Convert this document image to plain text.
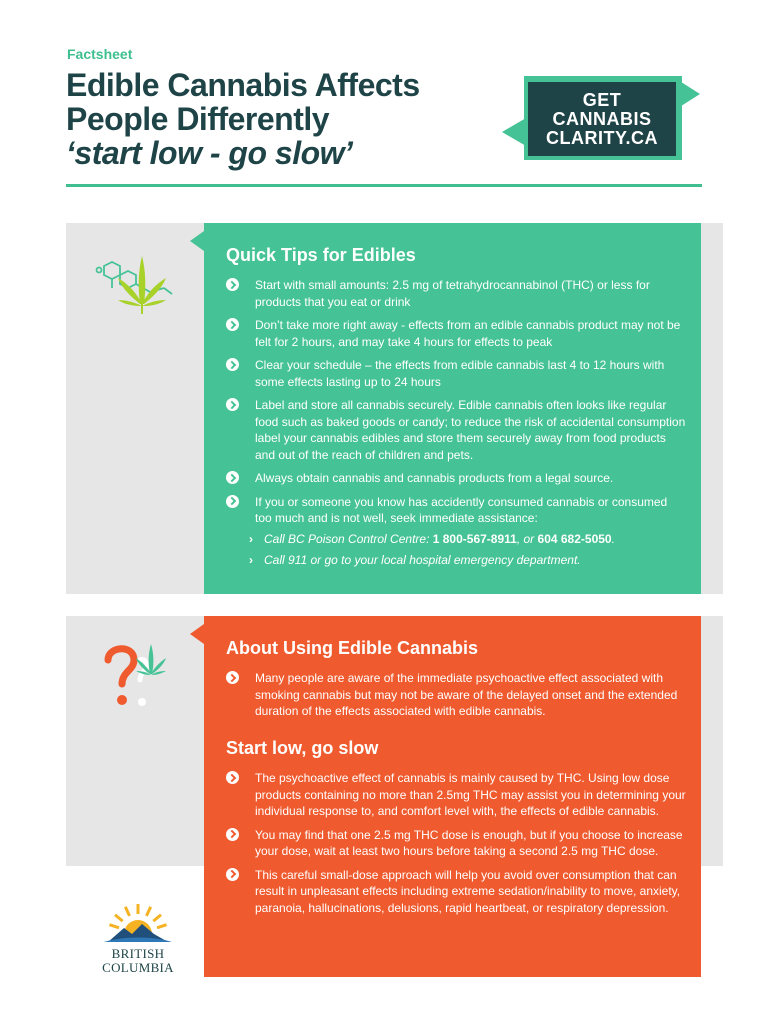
Factsheet
Edible Cannabis Affects
People Differently
‘start low - go slow’
GET
CANNABIS
CLARITY.CA
Quick Tips for Edibles
Start with small amounts: 2.5 mg of tetrahydrocannabinol (THC) or less for products that you eat or drink
Don’t take more right away - effects from an edible cannabis product may not be felt for 2 hours, and may take 4 hours for effects to peak
Clear your schedule – the effects from edible cannabis last 4 to 12 hours with some effects lasting up to 24 hours
Label and store all cannabis securely. Edible cannabis often looks like regular food such as baked goods or candy; to reduce the risk of accidental consumption label your cannabis edibles and store them securely away from food products and out of the reach of children and pets.
Always obtain cannabis and cannabis products from a legal source.
If you or someone you know has accidently consumed cannabis or consumed too much and is not well, seek immediate assistance:
› Call BC Poison Control Centre: 1 800-567-8911, or 604 682-5050.
› Call 911 or go to your local hospital emergency department.
About Using Edible Cannabis
Many people are aware of the immediate psychoactive effect associated with smoking cannabis but may not be aware of the delayed onset and the extended duration of the effects associated with edible cannabis.
Start low, go slow
The psychoactive effect of cannabis is mainly caused by THC. Using low dose products containing no more than 2.5mg THC may assist you in determining your individual response to, and comfort level with, the effects of edible cannabis.
You may find that one 2.5 mg THC dose is enough, but if you choose to increase your dose, wait at least two hours before taking a second 2.5 mg THC dose.
This careful small-dose approach will help you avoid over consumption that can result in unpleasant effects including extreme sedation/inability to move, anxiety, paranoia, hallucinations, delusions, rapid heartbeat, or respiratory depression.
BRITISH
COLUMBIA
